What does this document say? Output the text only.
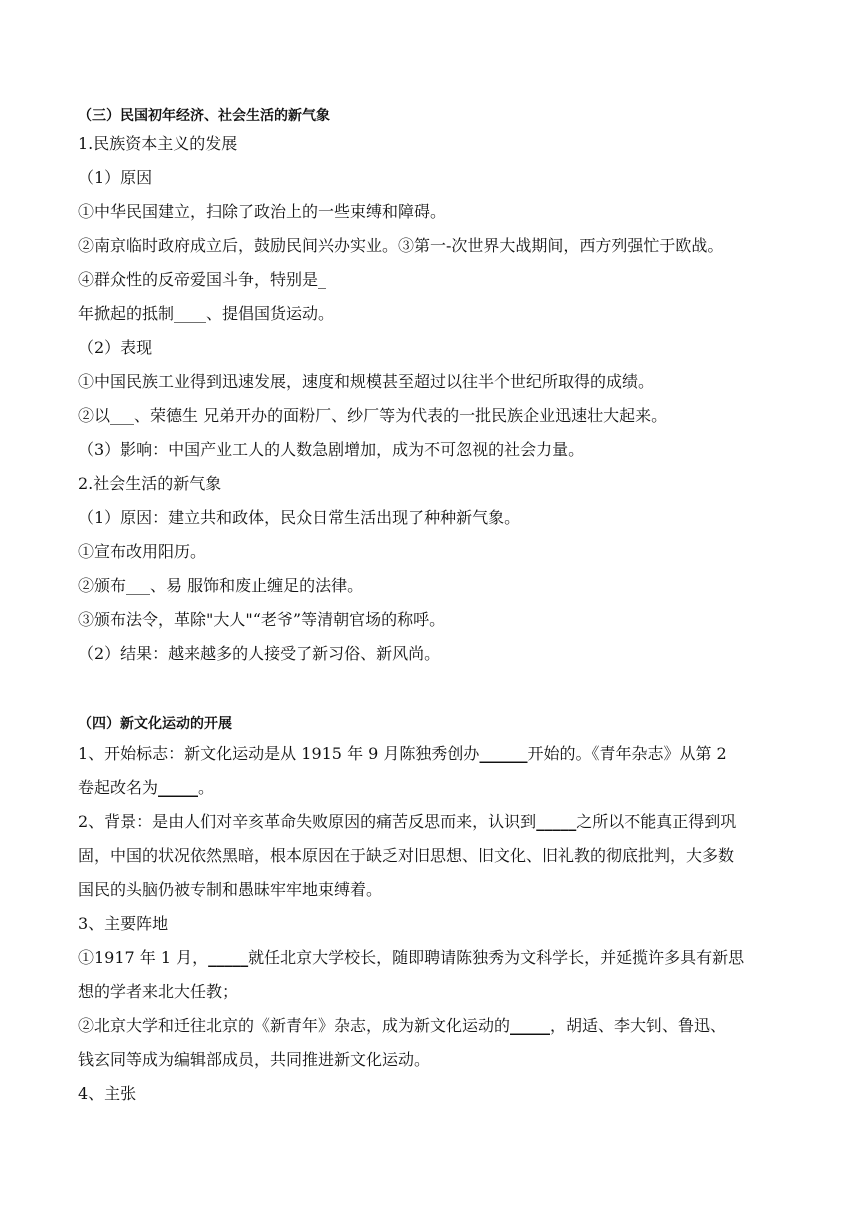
（三）民国初年经济、社会生活的新气象
1.民族资本主义的发展
（1）原因
①中华民国建立，扫除了政治上的一些束缚和障碍。
②南京临时政府成立后，鼓励民间兴办实业。③第一-次世界大战期间，西方列强忙于欧战。
④群众性的反帝爱国斗争，特别是_
年掀起的抵制____、提倡国货运动。
（2）表现
①中国民族工业得到迅速发展，速度和规模甚至超过以往半个世纪所取得的成绩。
②以___、荣德生 兄弟开办的面粉厂、纱厂等为代表的一批民族企业迅速壮大起来。
（3）影响：中国产业工人的人数急剧增加，成为不可忽视的社会力量。
2.社会生活的新气象
（1）原因：建立共和政体，民众日常生活出现了种种新气象。
①宣布改用阳历。
②颁布___、易 服饰和废止缠足的法律。
③颁布法令，革除"大人"“老爷”等清朝官场的称呼。
（2）结果：越来越多的人接受了新习俗、新风尚。
（四）新文化运动的开展
1、开始标志：新文化运动是从 1915 年 9 月陈独秀创办______开始的。《青年杂志》从第 2
卷起改名为_____。
2、背景：是由人们对辛亥革命失败原因的痛苦反思而来，认识到_____之所以不能真正得到巩
固，中国的状况依然黑暗，根本原因在于缺乏对旧思想、旧文化、旧礼教的彻底批判，大多数
国民的头脑仍被专制和愚昧牢牢地束缚着。
3、主要阵地
①1917 年 1 月，_____就任北京大学校长，随即聘请陈独秀为文科学长，并延揽许多具有新思
想的学者来北大任教；
②北京大学和迁往北京的《新青年》杂志，成为新文化运动的_____，胡适、李大钊、鲁迅、
钱玄同等成为编辑部成员，共同推进新文化运动。
4、主张
